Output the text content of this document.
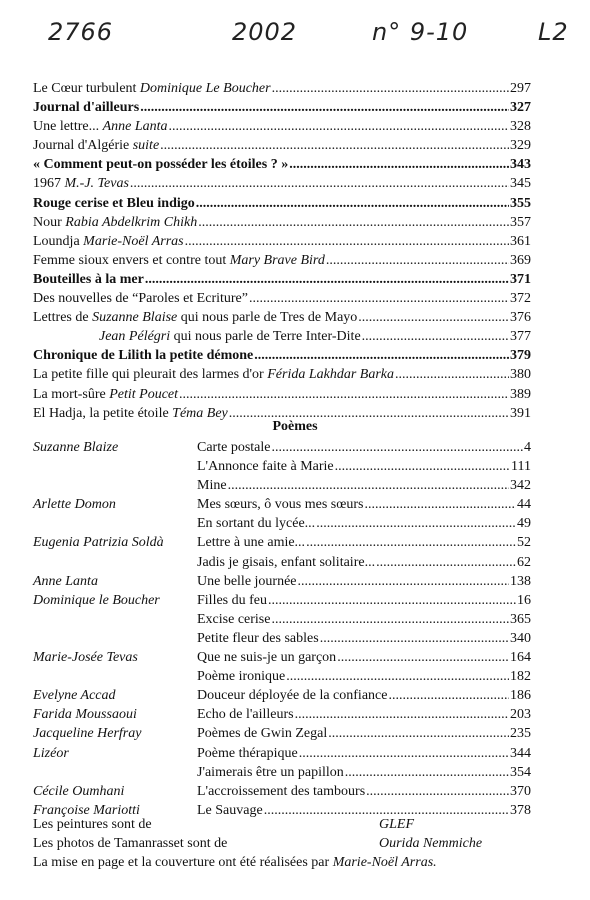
2766	2002	n° 9-10	L2
Le Cœur turbulent Dominique Le Boucher .....	297
Journal d'ailleurs .....	327
Une lettre... Anne Lanta .....	328
Journal d'Algérie suite .....	329
« Comment peut-on posséder les étoiles ? » .....	343
1967 M.-J. Tevas .....	345
Rouge cerise et Bleu indigo .....	355
Nour Rabia Abdelkrim Chikh .....	357
Loundja Marie-Noël Arras .....	361
Femme sioux envers et contre tout Mary Brave Bird .....	369
Bouteilles à la mer .....	371
Des nouvelles de “Paroles et Ecriture” .....	372
Lettres de Suzanne Blaise qui nous parle de Tres de Mayo .....	376
Jean Pélégri qui nous parle de Terre Inter-Dite .....	377
Chronique de Lilith la petite démone .....	379
La petite fille qui pleurait des larmes d'or Férida Lakhdar Barka .....	380
La mort-sûre Petit Poucet .....	389
El Hadja, la petite étoile Téma Bey .....	391
Poèmes
Suzanne Blaize	Carte postale .....	4
L'Annonce faite à Marie .....	111
Mine .....	342
Arlette Domon	Mes sœurs, ô vous mes sœurs .....	44
En sortant du lycée... .....	49
Eugenia Patrizia Soldà	Lettre à une amie... .....	52
Jadis je gisais, enfant solitaire... .....	62
Anne Lanta	Une belle journée .....	138
Dominique le Boucher	Filles du feu .....	16
Excise cerise .....	365
Petite fleur des sables .....	340
Marie-Josée Tevas	Que ne suis-je un garçon .....	164
Poème ironique .....	182
Evelyne Accad	Douceur déployée de la confiance .....	186
Farida Moussaoui	Echo de l'ailleurs .....	203
Jacqueline Herfray	Poèmes de Gwin Zegal .....	235
Lizéor	Poème thérapique .....	344
J'aimerais être un papillon .....	354
Cécile Oumhani	L'accroissement des tambours .....	370
Françoise Mariotti	Le Sauvage .....	378
Les peintures sont de	GLEF
Les photos de Tamanrasset sont de	Ourida Nemmiche
La mise en page et la couverture ont été réalisées par Marie-Noël Arras.
